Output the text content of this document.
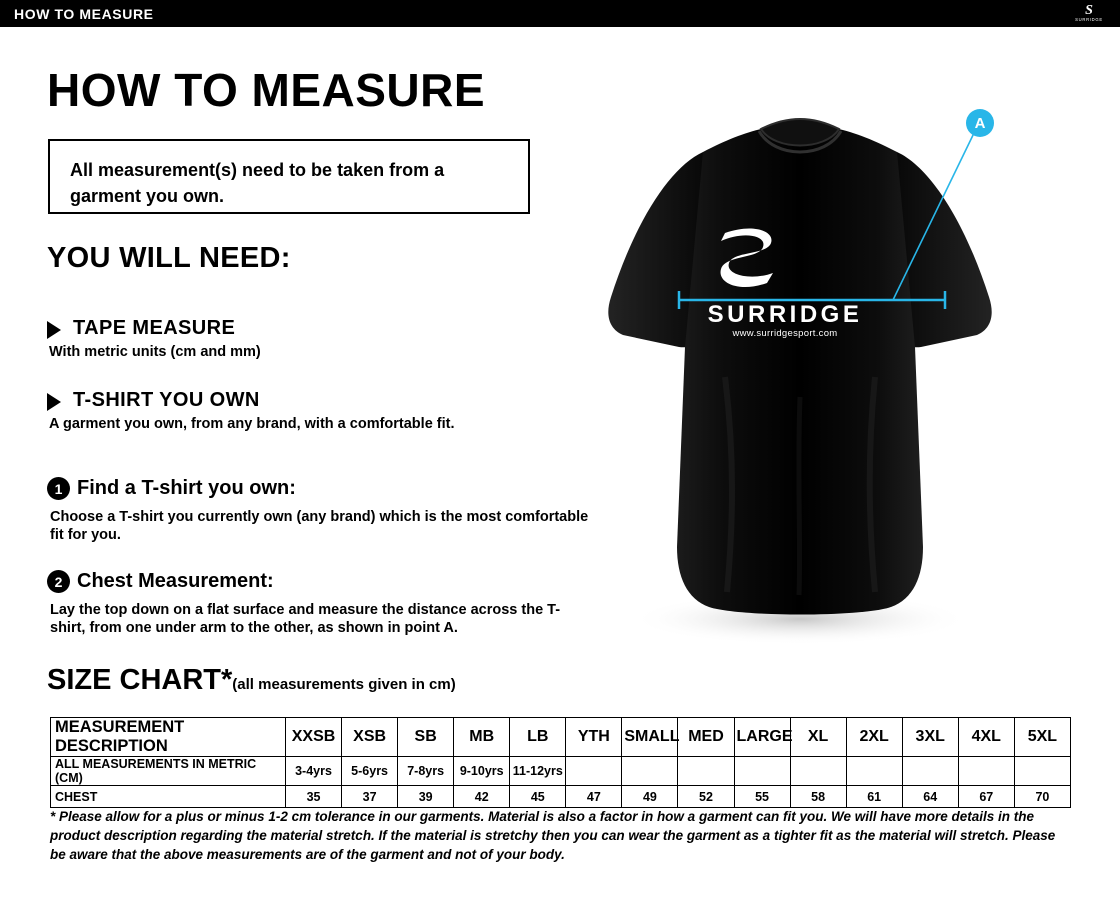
HOW TO MEASURE	S
SURRIDGE
HOW TO MEASURE
All measurement(s) need to be taken from a garment you own.
YOU WILL NEED:
TAPE MEASURE
With metric units (cm and mm)
T-SHIRT YOU OWN
A garment you own, from any brand, with a comfortable fit.
1 Find a T-shirt you own:
Choose a T-shirt you currently own (any brand) which is the most comfortable fit for you.
2 Chest Measurement:
Lay the top down on a flat surface and measure the distance across the T-shirt, from one under arm to the other, as shown in point A.
A
SURRIDGE
www.surridgesport.com
SIZE CHART*(all measurements given in cm)
MEASUREMENT DESCRIPTION	XXSB	XSB	SB	MB	LB	YTH	SMALL	MED	LARGE	XL	2XL	3XL	4XL	5XL
ALL MEASUREMENTS IN METRIC (CM)	3-4yrs	5-6yrs	7-8yrs	9-10yrs	11-12yrs									
CHEST	35	37	39	42	45	47	49	52	55	58	61	64	67	70
* Please allow for a plus or minus 1-2 cm tolerance in our garments. Material is also a factor in how a garment can fit you. We will have more details in the product description regarding the material stretch. If the material is stretchy then you can wear the garment as a tighter fit as the material will stretch. Please be aware that the above measurements are of the garment and not of your body.
